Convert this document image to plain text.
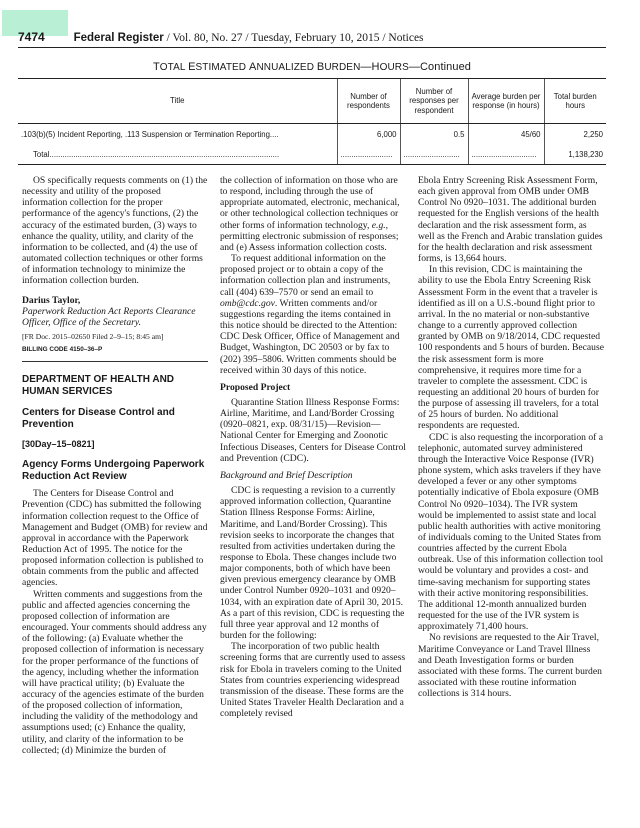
7474	Federal Register / Vol. 80, No. 27 / Tuesday, February 10, 2015 / Notices
TOTAL ESTIMATED ANNUALIZED BURDEN—HOURS—Continued
Title	Number of respondents	Number of responses per respondent	Average burden per response (in hours)	Total burden hours
.103(b)(5) Incident Reporting, .113 Suspension or Termination Reporting....	6,000	0.5	45/60	2,250
Total..........................................................................................................	........................	..........................	..............................	1,138,230

OS specifically requests comments on (1) the necessity and utility of the proposed information collection for the proper performance of the agency's functions, (2) the accuracy of the estimated burden, (3) ways to enhance the quality, utility, and clarity of the information to be collected, and (4) the use of automated collection techniques or other forms of information technology to minimize the information collection burden.

Darius Taylor,

Paperwork Reduction Act Reports Clearance Officer, Office of the Secretary.

[FR Doc. 2015–02650 Filed 2–9–15; 8:45 am]

BILLING CODE 4150–36–P

DEPARTMENT OF HEALTH AND HUMAN SERVICES
Centers for Disease Control and Prevention
[30Day–15–0821]
Agency Forms Undergoing Paperwork Reduction Act Review

The Centers for Disease Control and Prevention (CDC) has submitted the following information collection request to the Office of Management and Budget (OMB) for review and approval in accordance with the Paperwork Reduction Act of 1995. The notice for the proposed information collection is published to obtain comments from the public and affected agencies.

Written comments and suggestions from the public and affected agencies concerning the proposed collection of information are encouraged. Your comments should address any of the following: (a) Evaluate whether the proposed collection of information is necessary for the proper performance of the functions of the agency, including whether the information will have practical utility; (b) Evaluate the accuracy of the agencies estimate of the burden of the proposed collection of information, including the validity of the methodology and assumptions used; (c) Enhance the quality, utility, and clarity of the information to be collected; (d) Minimize the burden of

the collection of information on those who are to respond, including through the use of appropriate automated, electronic, mechanical, or other technological collection techniques or other forms of information technology, e.g., permitting electronic submission of responses; and (e) Assess information collection costs.

To request additional information on the proposed project or to obtain a copy of the information collection plan and instruments, call (404) 639–7570 or send an email to omb@cdc.gov. Written comments and/or suggestions regarding the items contained in this notice should be directed to the Attention: CDC Desk Officer, Office of Management and Budget, Washington, DC 20503 or by fax to (202) 395–5806. Written comments should be received within 30 days of this notice.

Proposed Project

Quarantine Station Illness Response Forms: Airline, Maritime, and Land/Border Crossing (0920–0821, exp. 08/31/15)—Revision—National Center for Emerging and Zoonotic Infectious Diseases, Centers for Disease Control and Prevention (CDC).

Background and Brief Description

CDC is requesting a revision to a currently approved information collection, Quarantine Station Illness Response Forms: Airline, Maritime, and Land/Border Crossing). This revision seeks to incorporate the changes that resulted from activities undertaken during the response to Ebola. These changes include two major components, both of which have been given previous emergency clearance by OMB under Control Number 0920–1031 and 0920–1034, with an expiration date of April 30, 2015. As a part of this revision, CDC is requesting the full three year approval and 12 months of burden for the following:

The incorporation of two public health screening forms that are currently used to assess risk for Ebola in travelers coming to the United States from countries experiencing widespread transmission of the disease. These forms are the United States Traveler Health Declaration and a completely revised

Ebola Entry Screening Risk Assessment Form, each given approval from OMB under OMB Control No 0920–1031. The additional burden requested for the English versions of the health declaration and the risk assessment form, as well as the French and Arabic translation guides for the health declaration and risk assessment forms, is 13,664 hours.

In this revision, CDC is maintaining the ability to use the Ebola Entry Screening Risk Assessment Form in the event that a traveler is identified as ill on a U.S.-bound flight prior to arrival. In the no material or non-substantive change to a currently approved collection granted by OMB on 9/18/2014, CDC requested 100 respondents and 5 hours of burden. Because the risk assessment form is more comprehensive, it requires more time for a traveler to complete the assessment. CDC is requesting an additional 20 hours of burden for the purpose of assessing ill travelers, for a total of 25 hours of burden. No additional respondents are requested.

CDC is also requesting the incorporation of a telephonic, automated survey administered through the Interactive Voice Response (IVR) phone system, which asks travelers if they have developed a fever or any other symptoms potentially indicative of Ebola exposure (OMB Control No 0920–1034). The IVR system would be implemented to assist state and local public health authorities with active monitoring of individuals coming to the United States from countries affected by the current Ebola outbreak. Use of this information collection tool would be voluntary and provides a cost- and time-saving mechanism for supporting states with their active monitoring responsibilities. The additional 12-month annualized burden requested for the use of the IVR system is approximately 71,400 hours.

No revisions are requested to the Air Travel, Maritime Conveyance or Land Travel Illness and Death Investigation forms or burden associated with these forms. The current burden associated with these routine information collections is 314 hours.
